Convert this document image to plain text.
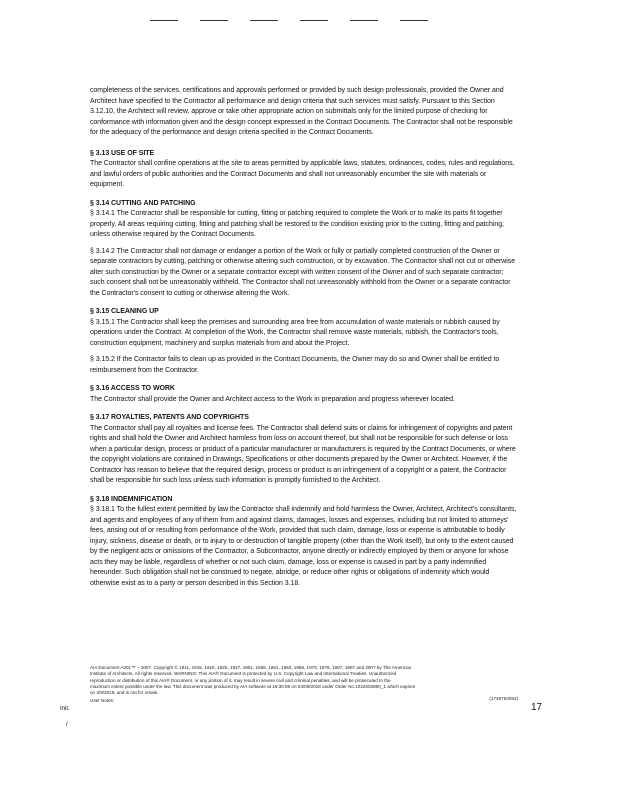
completeness of the services, certifications and approvals performed or provided by such design professionals, provided the Owner and Architect have specified to the Contractor all performance and design criteria that such services must satisfy. Pursuant to this Section 3.12.10, the Architect will review, approve or take other appropriate action on submittals only for the limited purpose of checking for conformance with information given and the design concept expressed in the Contract Documents. The Contractor shall not be responsible for the adequacy of the performance and design criteria specified in the Contract Documents.

§ 3.13 USE OF SITE

The Contractor shall confine operations at the site to areas permitted by applicable laws, statutes, ordinances, codes, rules and regulations, and lawful orders of public authorities and the Contract Documents and shall not unreasonably encumber the site with materials or equipment.

§ 3.14 CUTTING AND PATCHING

§ 3.14.1 The Contractor shall be responsible for cutting, fitting or patching required to complete the Work or to make its parts fit together properly. All areas requiring cutting, fitting and patching shall be restored to the condition existing prior to the cutting, fitting and patching, unless otherwise required by the Contract Documents.

§ 3.14.2 The Contractor shall not damage or endanger a portion of the Work or fully or partially completed construction of the Owner or separate contractors by cutting, patching or otherwise altering such construction, or by excavation. The Contractor shall not cut or otherwise alter such construction by the Owner or a separate contractor except with written consent of the Owner and of such separate contractor; such consent shall not be unreasonably withheld. The Contractor shall not unreasonably withhold from the Owner or a separate contractor the Contractor's consent to cutting or otherwise altering the Work.

§ 3.15 CLEANING UP

§ 3.15.1 The Contractor shall keep the premises and surrounding area free from accumulation of waste materials or rubbish caused by operations under the Contract. At completion of the Work, the Contractor shall remove waste materials, rubbish, the Contractor's tools, construction equipment, machinery and surplus materials from and about the Project.

§ 3.15.2 If the Contractor fails to clean up as provided in the Contract Documents, the Owner may do so and Owner shall be entitled to reimbursement from the Contractor.

§ 3.16 ACCESS TO WORK

The Contractor shall provide the Owner and Architect access to the Work in preparation and progress wherever located.

§ 3.17 ROYALTIES, PATENTS AND COPYRIGHTS

The Contractor shall pay all royalties and license fees. The Contractor shall defend suits or claims for infringement of copyrights and patent rights and shall hold the Owner and Architect harmless from loss on account thereof, but shall not be responsible for such defense or loss when a particular design, process or product of a particular manufacturer or manufacturers is required by the Contract Documents, or where the copyright violations are contained in Drawings, Specifications or other documents prepared by the Owner or Architect. However, if the Contractor has reason to believe that the required design, process or product is an infringement of a copyright or a patent, the Contractor shall be responsible for such loss unless such information is promptly furnished to the Architect.

§ 3.18 INDEMNIFICATION

§ 3.18.1 To the fullest extent permitted by law the Contractor shall indemnify and hold harmless the Owner, Architect, Architect's consultants, and agents and employees of any of them from and against claims, damages, losses and expenses, including but not limited to attorneys' fees, arising out of or resulting from performance of the Work, provided that such claim, damage, loss or expense is attributable to bodily injury, sickness, disease or death, or to injury to or destruction of tangible property (other than the Work itself), but only to the extent caused by the negligent acts or omissions of the Contractor, a Subcontractor, anyone directly or indirectly employed by them or anyone for whose acts they may be liable, regardless of whether or not such claim, damage, loss or expense is caused in part by a party indemnified hereunder. Such obligation shall not be construed to negate, abridge, or reduce other rights or obligations of indemnity which would otherwise exist as to a party or person described in this Section 3.18.

AIA Document A201™ – 2007. Copyright © 1911, 1915, 1918, 1925, 1937, 1951, 1958, 1961, 1963, 1966, 1970, 1976, 1987, 1997 and 2007 by The American

Institute of Architects. All rights reserved. WARNING: This AIA® Document is protected by U.S. Copyright Law and International Treaties. Unauthorized

reproduction or distribution of this AIA® Document, or any portion of it, may result in severe civil and criminal penalties, and will be prosecuted to the

maximum extent possible under the law. This document was produced by AIA software at 16:30:59 on 04/09/2018 under Order No.1022003890_1 which expires

on 3/9/2019, and is not for resale.

User Notes:	(1749752054)
Init.
/
17
